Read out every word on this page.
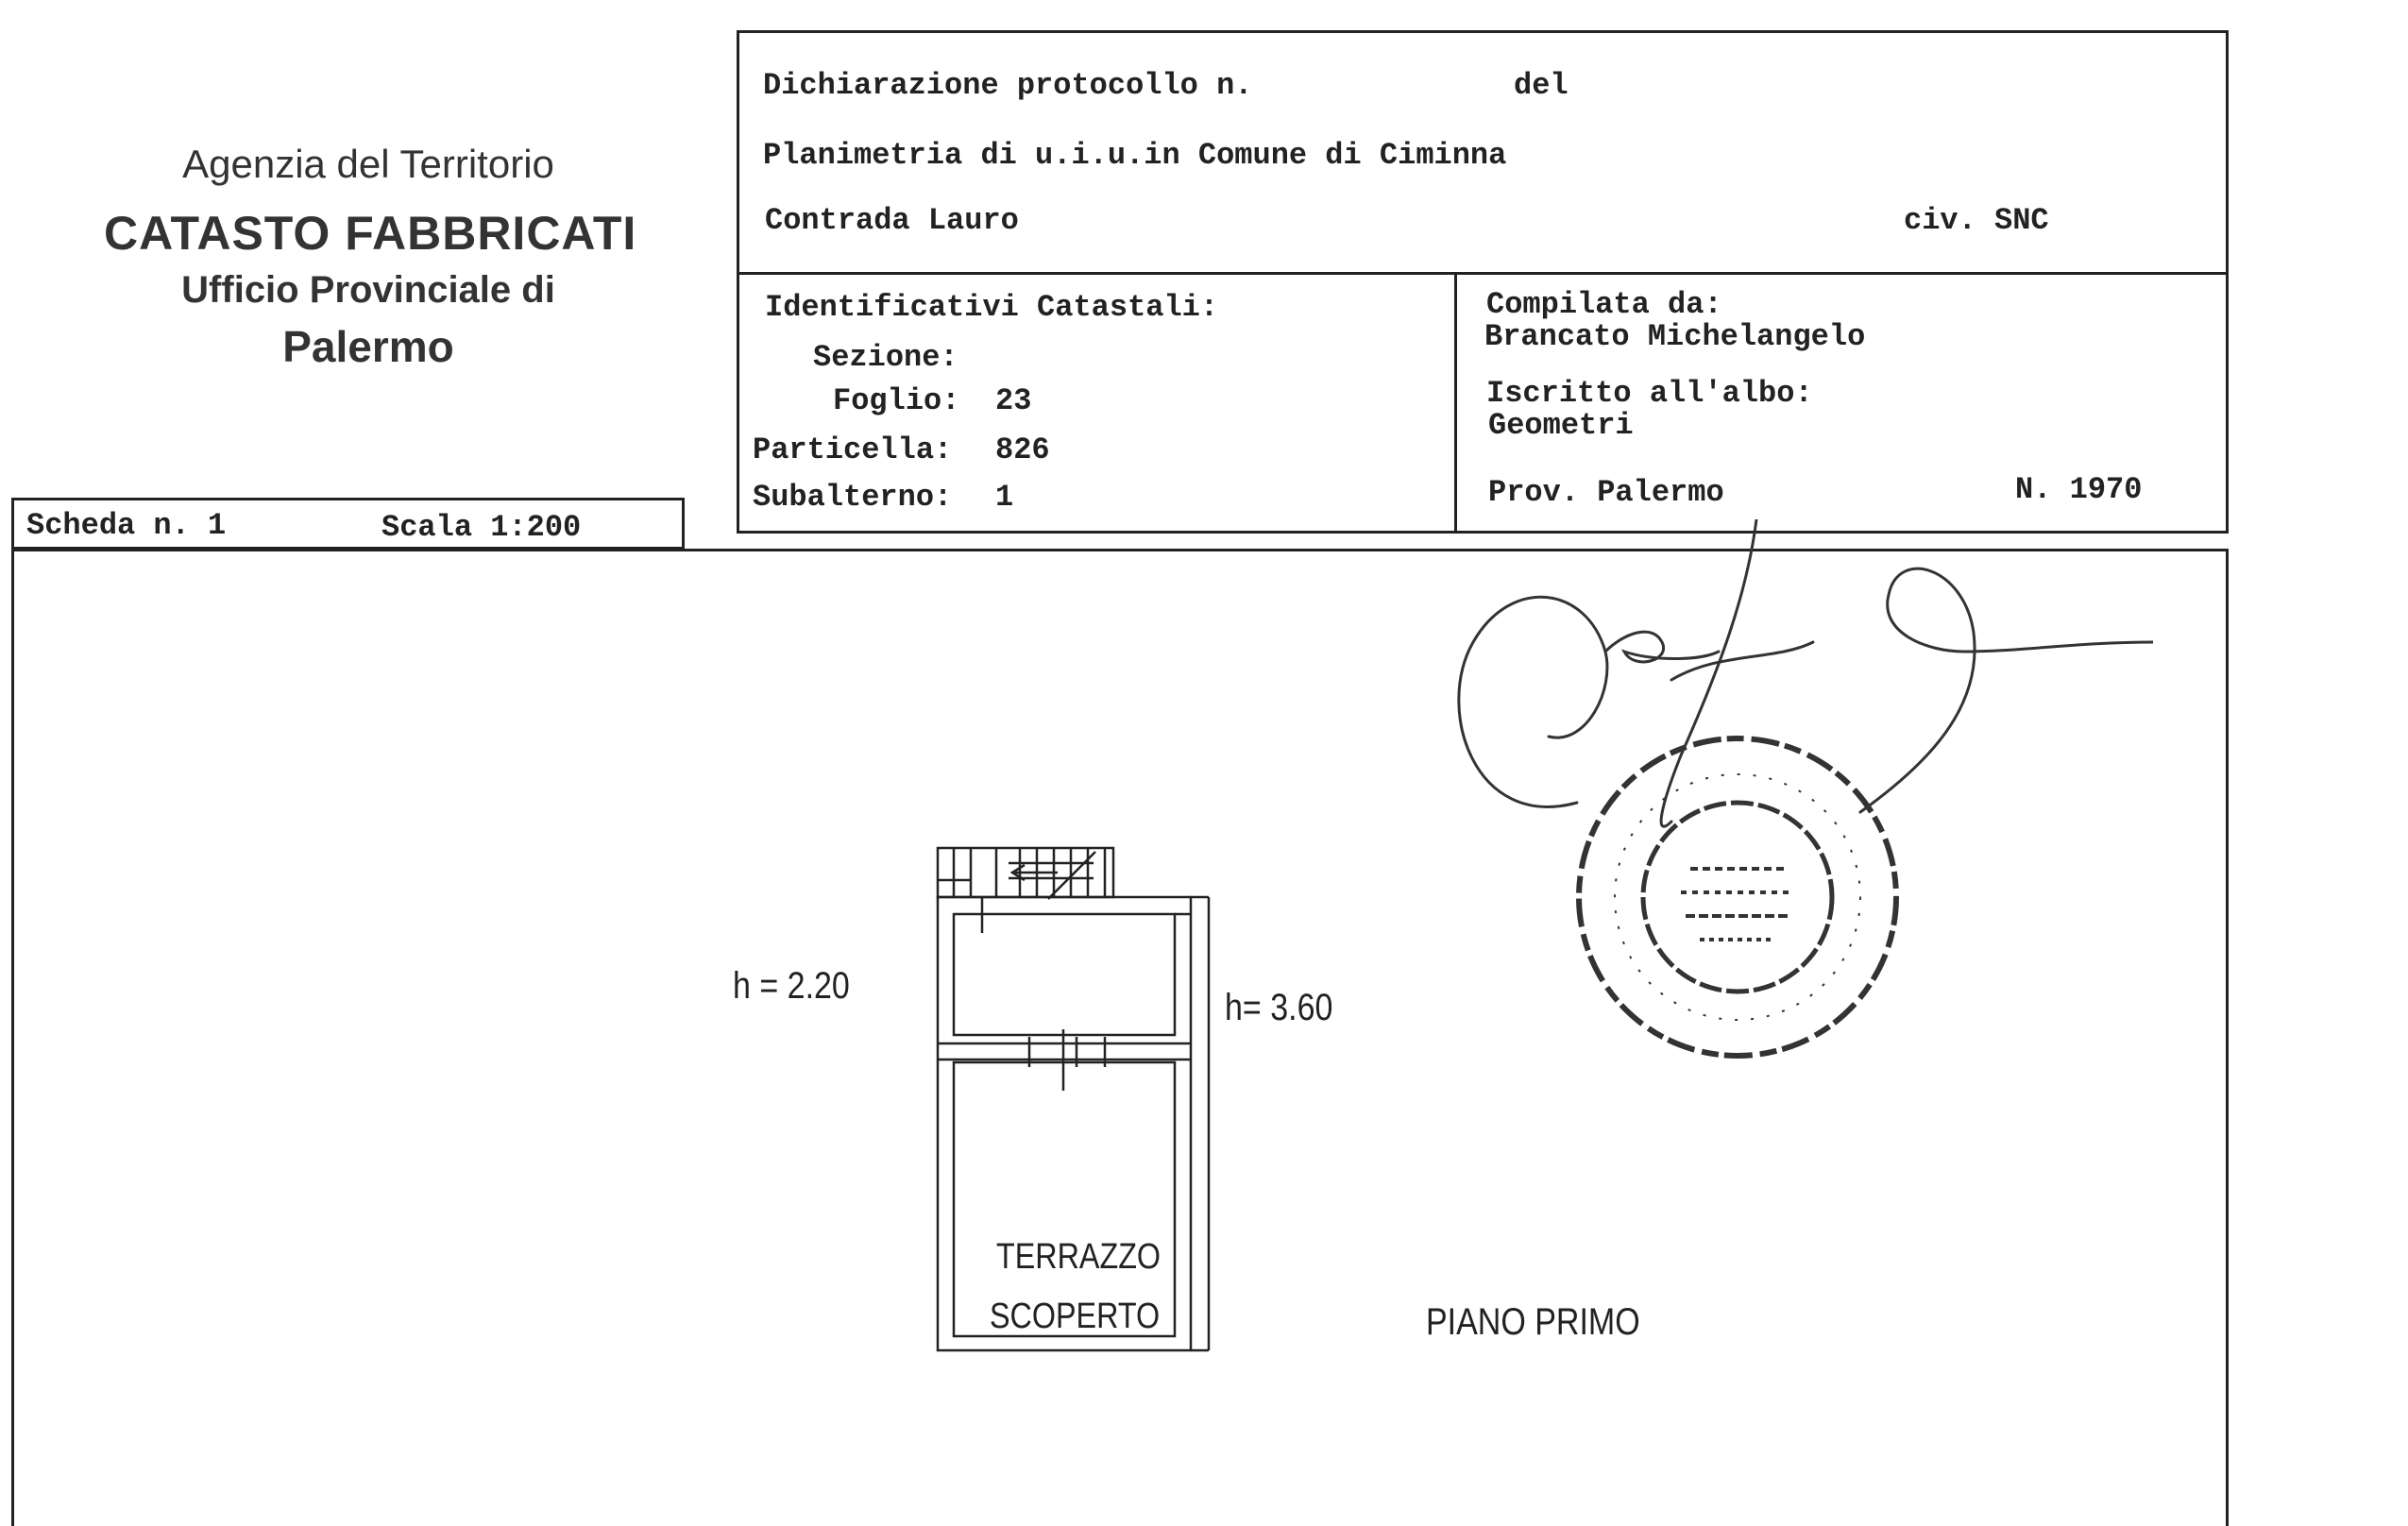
Agenzia del Territorio
CATASTO FABBRICATI
Ufficio Provinciale di
Palermo
Dichiarazione protocollo n.	del
Planimetria di u.i.u.in Comune di Ciminna
Contrada Lauro	civ. SNC
Identificativi Catastali:
Sezione:
Foglio: 23
Particella: 826
Subalterno: 1
Compilata da:
Brancato Michelangelo
Iscritto all'albo:
Geometri
Prov. Palermo	N. 1970
Scheda n. 1	Scala 1:200
h = 2.20
h= 3.60
TERRAZZO
SCOPERTO	PIANO PRIMO
